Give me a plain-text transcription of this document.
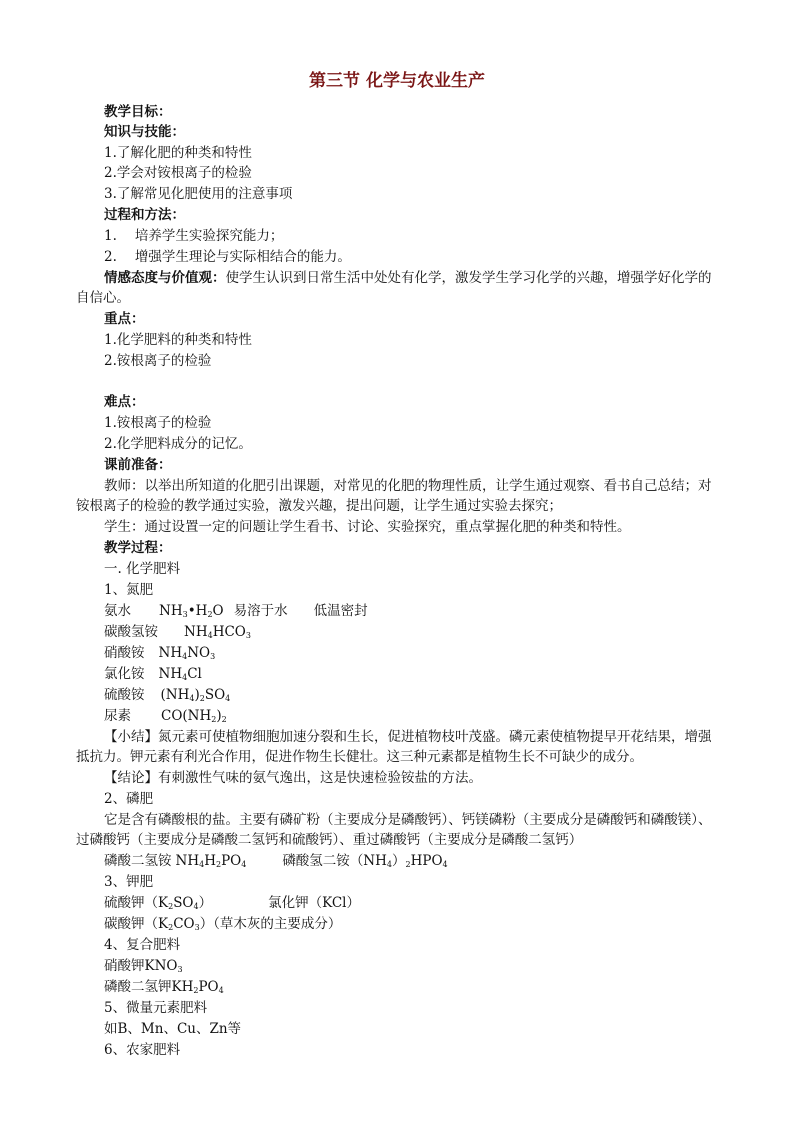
第三节 化学与农业生产
教学目标：
知识与技能：
1.了解化肥的种类和特性
2.学会对铵根离子的检验
3.了解常见化肥使用的注意事项
过程和方法：
1. 培养学生实验探究能力；
2. 增强学生理论与实际相结合的能力。
情感态度与价值观：使学生认识到日常生活中处处有化学，激发学生学习化学的兴趣，增强学好化学的自信心。
重点：
1.化学肥料的种类和特性
2.铵根离子的检验
难点：
1.铵根离子的检验
2.化学肥料成分的记忆。
课前准备：
教师：以举出所知道的化肥引出课题，对常见的化肥的物理性质，让学生通过观察、看书自己总结；对铵根离子的检验的教学通过实验，激发兴趣，提出问题，让学生通过实验去探究；
学生：通过设置一定的问题让学生看书、讨论、实验探究，重点掌握化肥的种类和特性。
教学过程：
一. 化学肥料
1、氮肥
氨水 $NH_3•H_2O$ 易溶于水 低温密封
碳酸氢铵 $NH_4HCO_3$
硝酸铵 $NH_4NO_3$
氯化铵 $NH_4Cl$
硫酸铵 $(NH_4)_2SO_4$
尿素 $CO(NH_2)_2$
【小结】氮元素可使植物细胞加速分裂和生长，促进植物枝叶茂盛。磷元素使植物提早开花结果，增强抵抗力。钾元素有利光合作用，促进作物生长健壮。这三种元素都是植物生长不可缺少的成分。
【结论】有刺激性气味的氨气逸出，这是快速检验铵盐的方法。
2、磷肥
它是含有磷酸根的盐。主要有磷矿粉（主要成分是磷酸钙）、钙镁磷粉（主要成分是磷酸钙和磷酸镁）、过磷酸钙（主要成分是磷酸二氢钙和硫酸钙）、重过磷酸钙（主要成分是磷酸二氢钙）
磷酸二氢铵 $NH_4H_2PO_4$	磷酸氢二铵$(NH_4)_2HPO_4$
3、钾肥
硫酸钾$(K_2SO_4)$	氯化钾（KCl）
碳酸钾$(K_2CO_3)$（草木灰的主要成分）
4、复合肥料
硝酸钾$KNO_3$
磷酸二氢钾$KH_2PO_4$
5、微量元素肥料
如B、Mn、Cu、Zn等
6、农家肥料
